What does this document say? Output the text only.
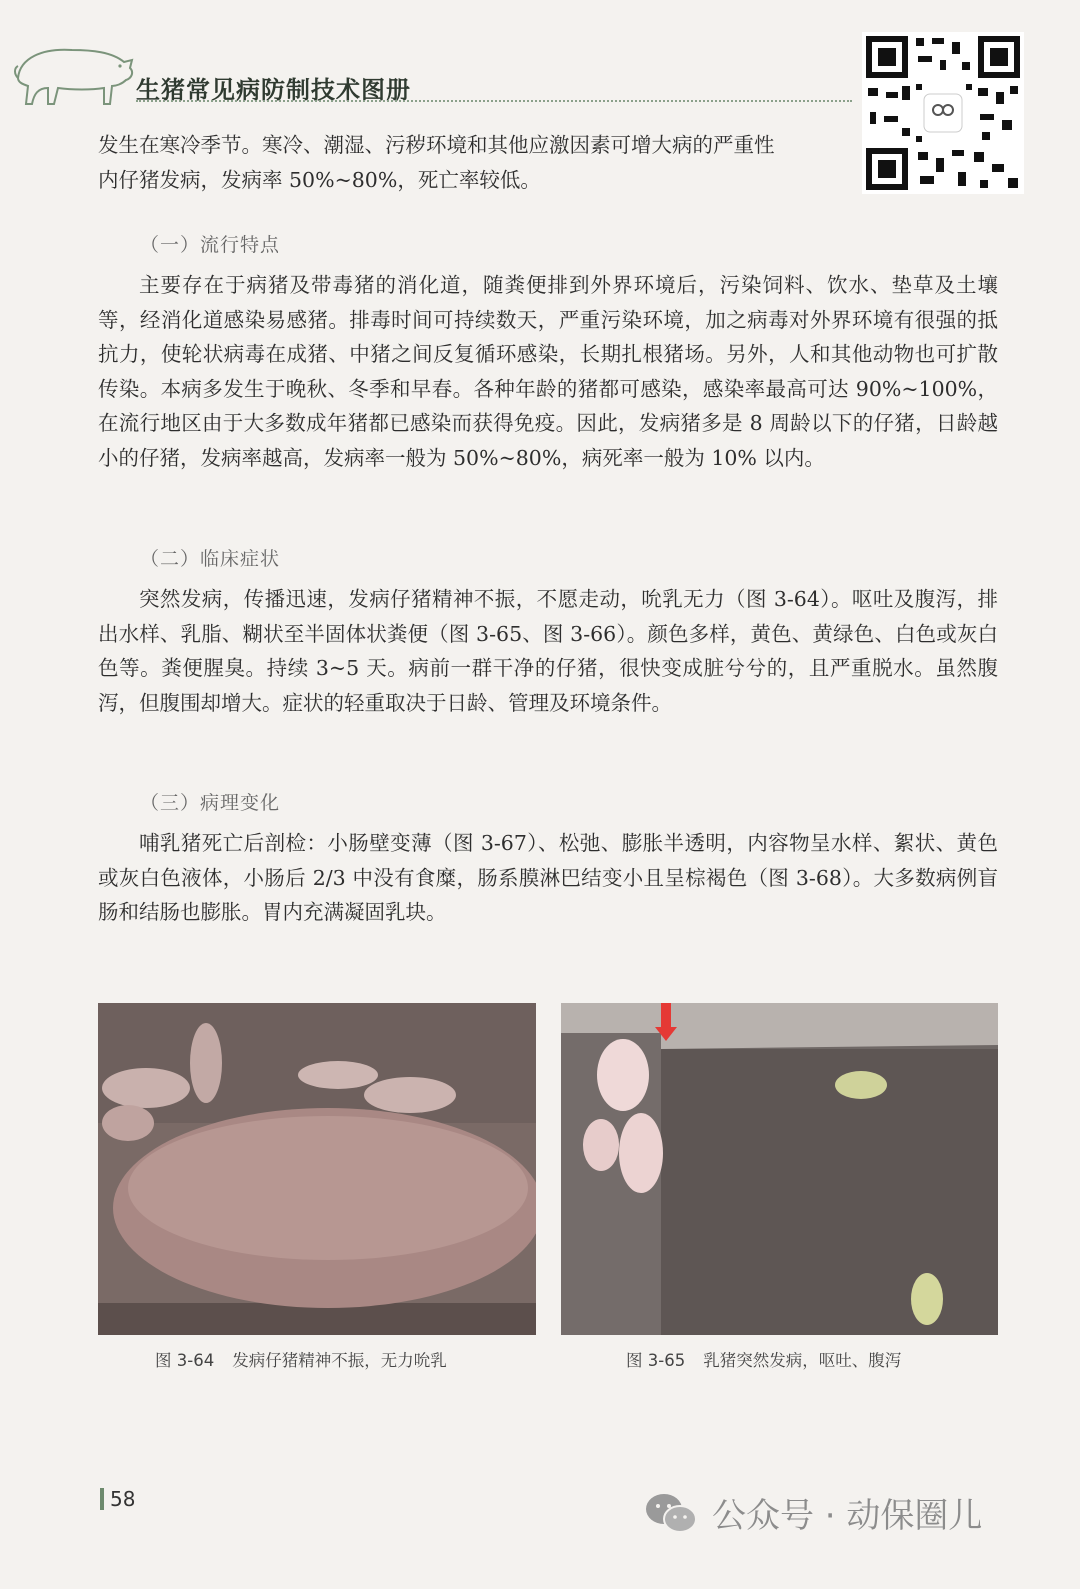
生猪常见病防制技术图册

发生在寒冷季节。寒冷、潮湿、污秽环境和其他应激因素可增大病的严重性

内仔猪发病，发病率 50%~80%，死亡率较低。

（一）流行特点

主要存在于病猪及带毒猪的消化道，随粪便排到外界环境后，污染饲料、饮水、垫草及土壤等，经消化道感染易感猪。排毒时间可持续数天，严重污染环境，加之病毒对外界环境有很强的抵抗力，使轮状病毒在成猪、中猪之间反复循环感染，长期扎根猪场。另外，人和其他动物也可扩散传染。本病多发生于晚秋、冬季和早春。各种年龄的猪都可感染，感染率最高可达 90%~100%，在流行地区由于大多数成年猪都已感染而获得免疫。因此，发病猪多是 8 周龄以下的仔猪，日龄越小的仔猪，发病率越高，发病率一般为 50%~80%，病死率一般为 10% 以内。

（二）临床症状

突然发病，传播迅速，发病仔猪精神不振，不愿走动，吮乳无力（图 3-64）。呕吐及腹泻，排出水样、乳脂、糊状至半固体状粪便（图 3-65、图 3-66）。颜色多样，黄色、黄绿色、白色或灰白色等。粪便腥臭。持续 3~5 天。病前一群干净的仔猪，很快变成脏兮兮的，且严重脱水。虽然腹泻，但腹围却增大。症状的轻重取决于日龄、管理及环境条件。

（三）病理变化

哺乳猪死亡后剖检：小肠壁变薄（图 3-67）、松弛、膨胀半透明，内容物呈水样、絮状、黄色或灰白色液体，小肠后 2/3 中没有食糜，肠系膜淋巴结变小且呈棕褐色（图 3-68）。大多数病例盲肠和结肠也膨胀。胃内充满凝固乳块。

图 3-64 发病仔猪精神不振，无力吮乳	图 3-65 乳猪突然发病，呕吐、腹泻
58	公众号 · 动保圈儿
